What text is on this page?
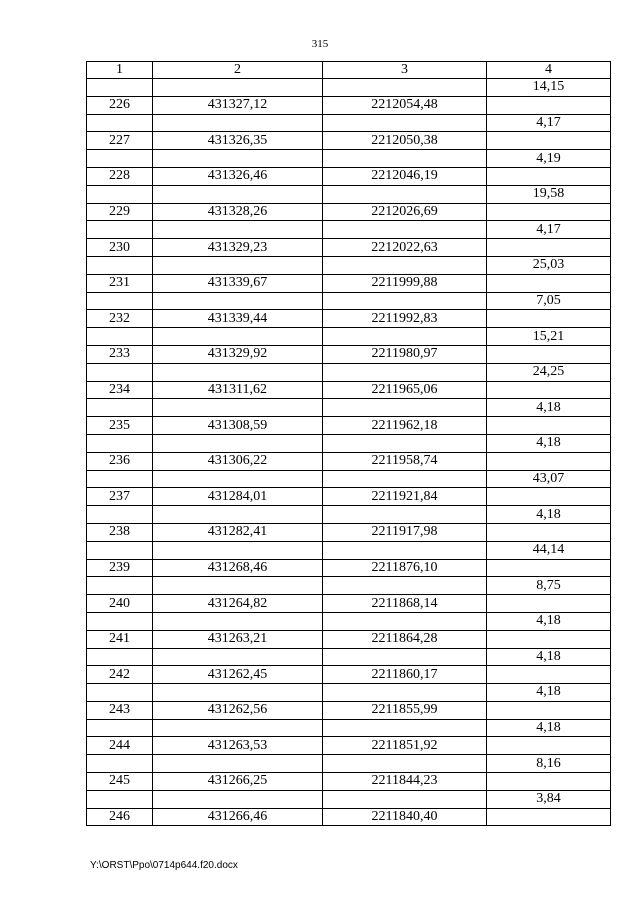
315
1	2	3	4
			14,15
226	431327,12	2212054,48	
			4,17
227	431326,35	2212050,38	
			4,19
228	431326,46	2212046,19	
			19,58
229	431328,26	2212026,69	
			4,17
230	431329,23	2212022,63	
			25,03
231	431339,67	2211999,88	
			7,05
232	431339,44	2211992,83	
			15,21
233	431329,92	2211980,97	
			24,25
234	431311,62	2211965,06	
			4,18
235	431308,59	2211962,18	
			4,18
236	431306,22	2211958,74	
			43,07
237	431284,01	2211921,84	
			4,18
238	431282,41	2211917,98	
			44,14
239	431268,46	2211876,10	
			8,75
240	431264,82	2211868,14	
			4,18
241	431263,21	2211864,28	
			4,18
242	431262,45	2211860,17	
			4,18
243	431262,56	2211855,99	
			4,18
244	431263,53	2211851,92	
			8,16
245	431266,25	2211844,23	
			3,84
246	431266,46	2211840,40	
Y:\ORST\Ppo\0714p644.f20.docx
